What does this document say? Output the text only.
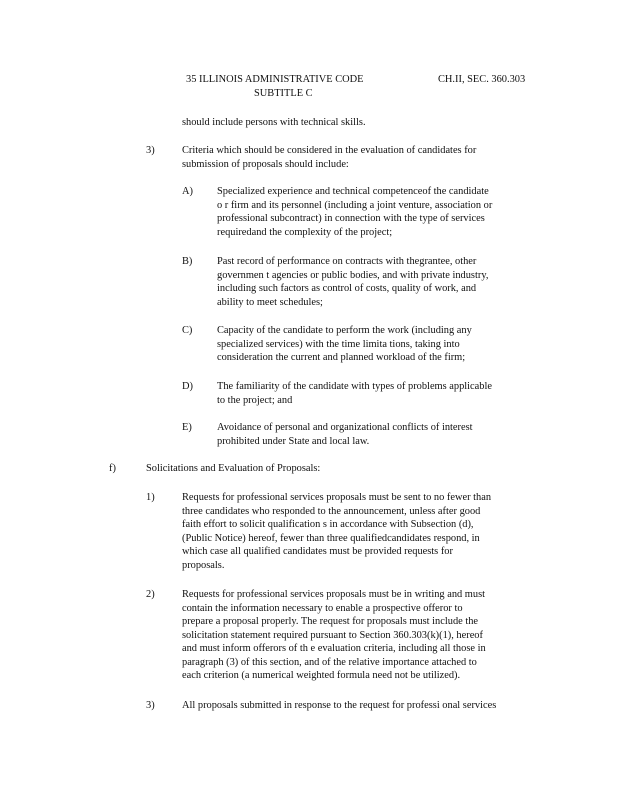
35 ILLINOIS ADMINISTRATIVE CODE
SUBTITLE C
CH.II, SEC. 360.303
should include persons with technical skills.
3)	Criteria which should be considered in the evaluation of candidates for
submission of proposals should include:
A) Specialized experience and technical competenceof the candidate
o r firm and its personnel (including a joint venture, association or
professional subcontract) in connection with the type of services
requiredand the complexity of the project;
B) Past record of performance on contracts with thegrantee, other
governmen t agencies or public bodies, and with private industry,
including such factors as control of costs, quality of work, and
ability to meet schedules;
C) Capacity of the candidate to perform the work (including any
specialized services) with the time limita tions, taking into
consideration the current and planned workload of the firm;
D) The familiarity of the candidate with types of problems applicable
to the project; and
E) Avoidance of personal and organizational conflicts of interest
prohibited under State and local law.
f)	Solicitations and Evaluation of Proposals:
1)	Requests for professional services proposals must be sent to no fewer than
three candidates who responded to the announcement, unless after good
faith effort to solicit qualification s in accordance with Subsection (d),
(Public Notice) hereof, fewer than three qualifiedcandidates respond, in
which case all qualified candidates must be provided requests for
proposals.
2)	Requests for professional services proposals must be in writing and must
contain the information necessary to enable a prospective offeror to
prepare a proposal properly. The request for proposals must include the
solicitation statement required pursuant to Section 360.303(k)(1), hereof
and must inform offerors of th e evaluation criteria, including all those in
paragraph (3) of this section, and of the relative importance attached to
each criterion (a numerical weighted formula need not be utilized).
3)	All proposals submitted in response to the request for professi onal services
